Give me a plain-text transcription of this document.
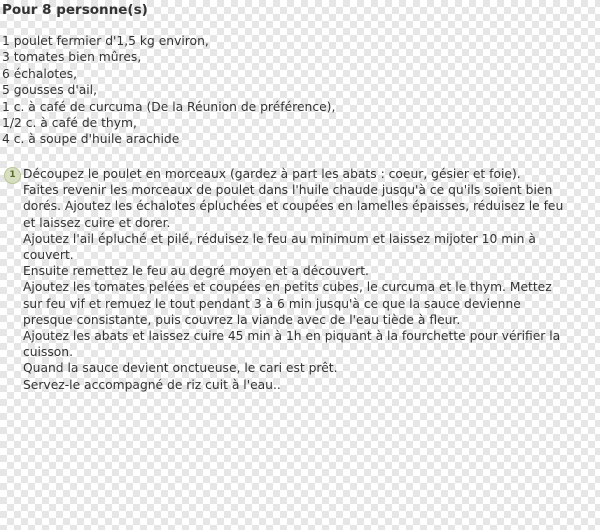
Pour 8 personne(s)
1 poulet fermier d'1,5 kg environ,
3 tomates bien mûres,
6 échalotes,
5 gousses d'ail,
1 c. à café de curcuma (De la Réunion de préférence),
1/2 c. à café de thym,
4 c. à soupe d'huile arachide
1 Découpez le poulet en morceaux (gardez à part les abats : coeur, gésier et foie).
Faites revenir les morceaux de poulet dans l'huile chaude jusqu'à ce qu'ils soient bien dorés. Ajoutez les échalotes épluchées et coupées en lamelles épaisses, réduisez le feu et laissez cuire et dorer.
Ajoutez l'ail épluché et pilé, réduisez le feu au minimum et laissez mijoter 10 min à couvert.
Ensuite remettez le feu au degré moyen et a découvert.
Ajoutez les tomates pelées et coupées en petits cubes, le curcuma et le thym. Mettez sur feu vif et remuez le tout pendant 3 à 6 min jusqu'à ce que la sauce devienne presque consistante, puis couvrez la viande avec de l'eau tiède à fleur.
Ajoutez les abats et laissez cuire 45 min à 1h en piquant à la fourchette pour vérifier la cuisson.
Quand la sauce devient onctueuse, le cari est prêt.
Servez-le accompagné de riz cuit à l'eau..
